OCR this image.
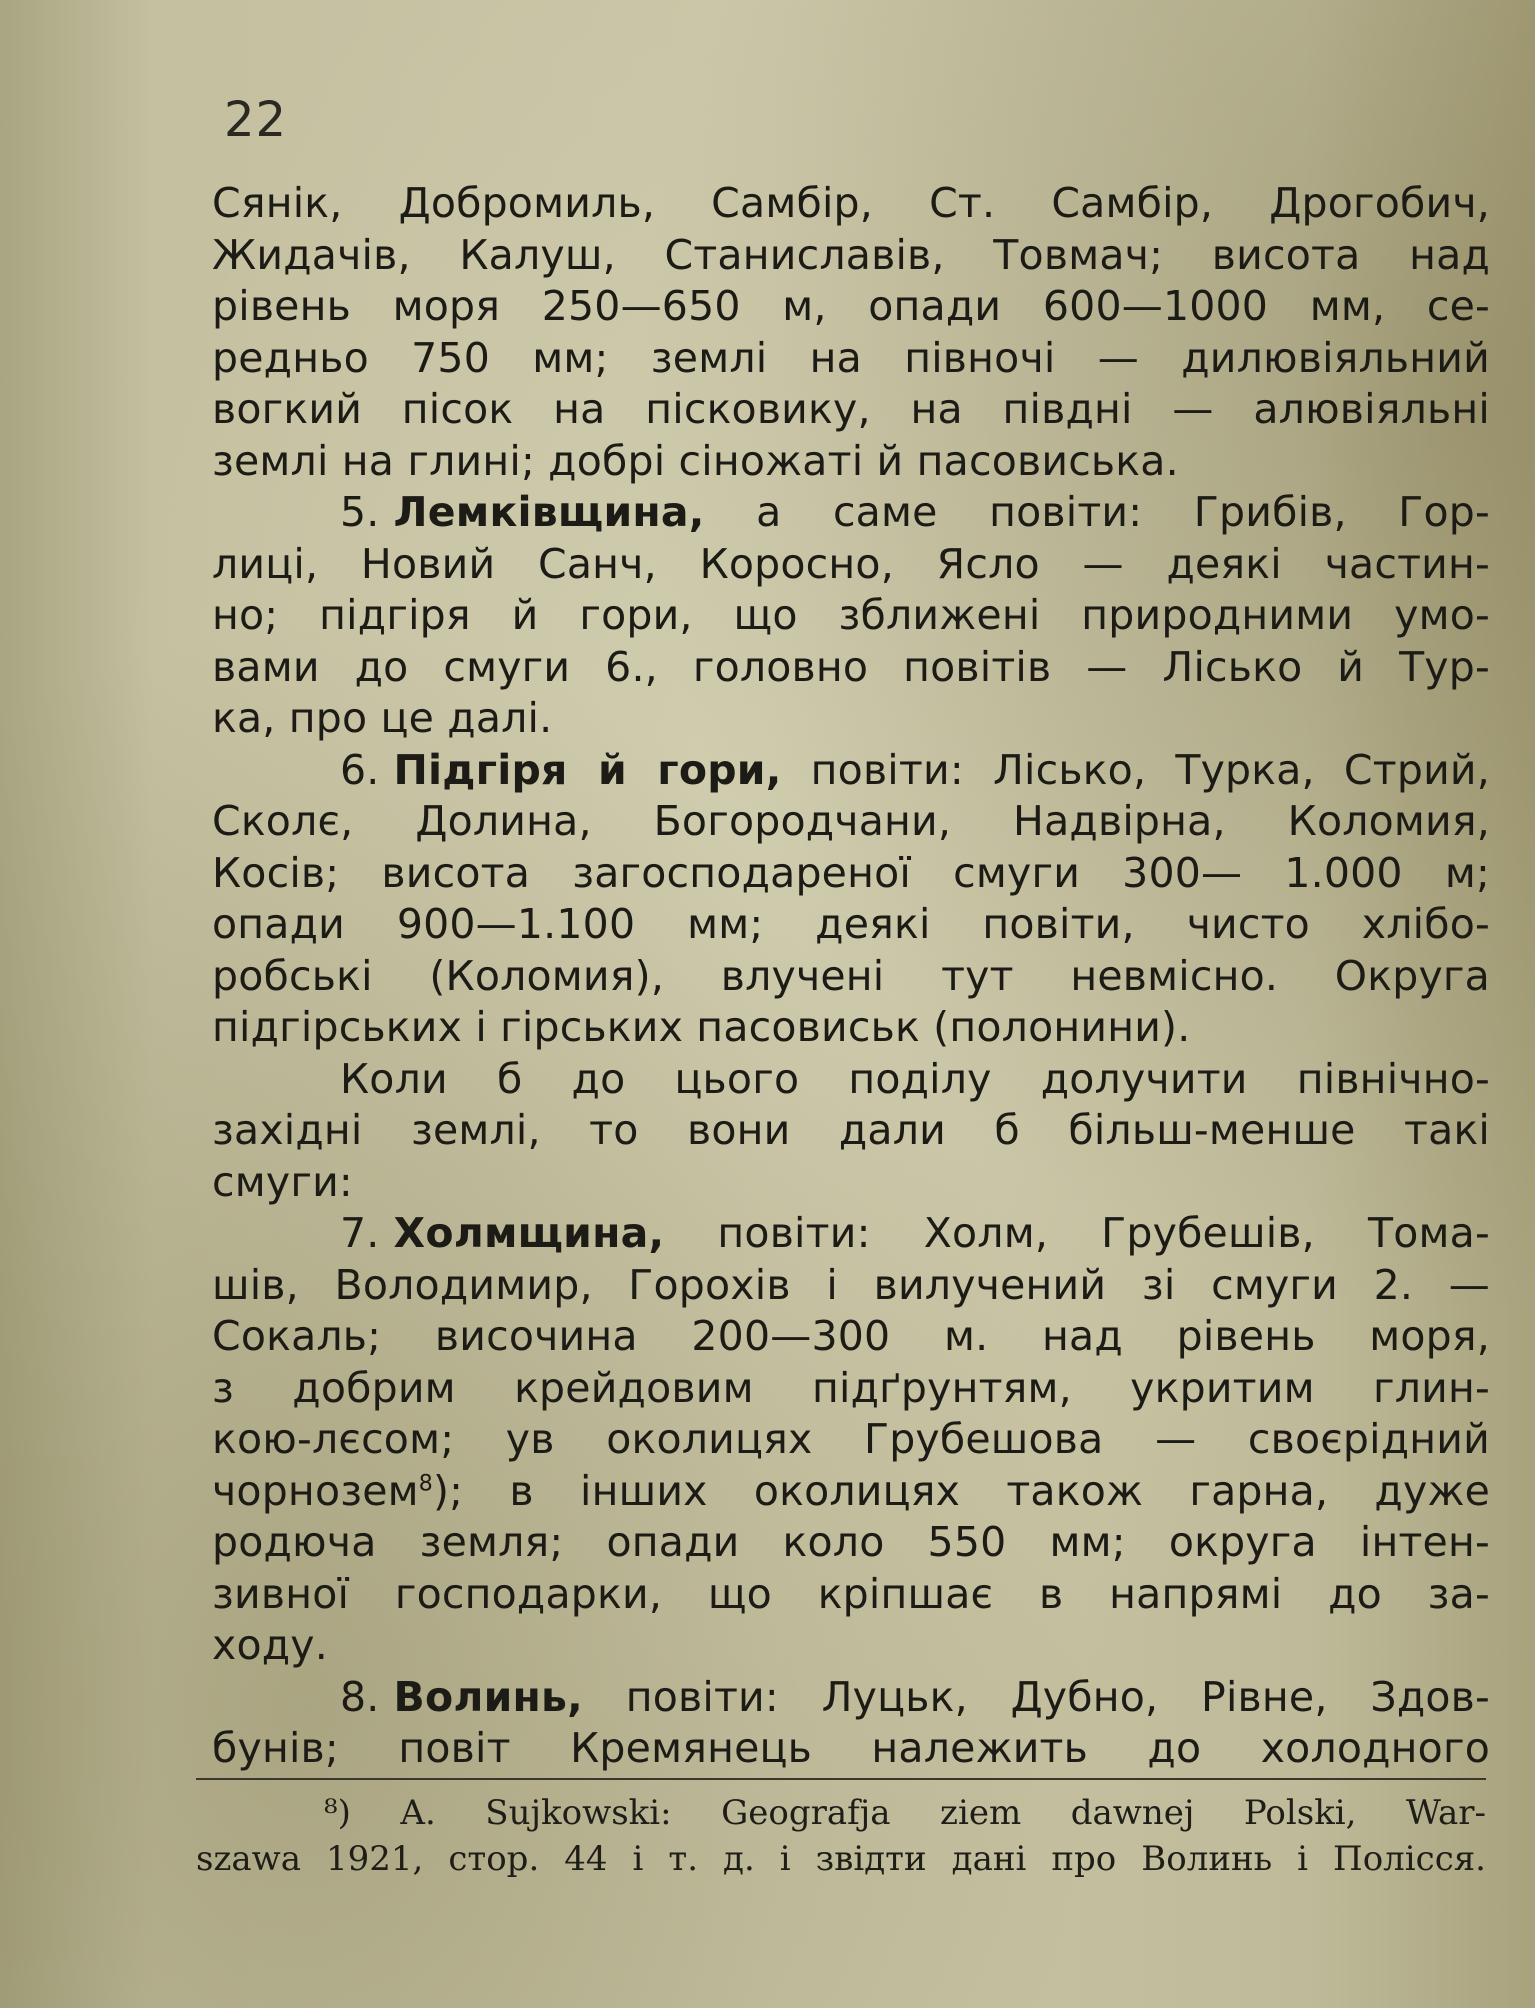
22
Сянік, Добромиль, Самбір, Ст. Самбір, Дрогобич,
Жидачів, Калуш, Станиславів, Товмач; висота над
рівень моря 250—650 м, опади 600—1000 мм, се-
редньо 750 мм; землі на півночі — дилювіяльний
вогкий пісок на пісковику, на півдні — алювіяльні
землі на глині; добрі сіножаті й пасовиська.
5. Лемківщина, а саме повіти: Грибів, Гор-
лиці, Новий Санч, Коросно, Ясло — деякі частин-
но; підгіря й гори, що зближені природними умо-
вами до смуги 6., головно повітів — Лісько й Тур-
ка, про це далі.
6. Підгіря й гори, повіти: Лісько, Турка, Стрий,
Сколє, Долина, Богородчани, Надвірна, Коломия,
Косів; висота загосподареної смуги 300— 1.000 м;
опади 900—1.100 мм; деякі повіти, чисто хлібо-
робські (Коломия), влучені тут невмісно. Округа
підгірських і гірських пасовиськ (полонини).
Коли б до цього поділу долучити північно-
західні землі, то вони дали б більш-менше такі
смуги:
7. Холмщина, повіти: Холм, Грубешів, Тома-
шів, Володимир, Горохів і вилучений зі смуги 2. —
Сокаль; височина 200—300 м. над рівень моря,
з добрим крейдовим підґрунтям, укритим глин-
кою-лєсом; ув околицях Грубешова — своєрідний
чорнозем$^8$); в інших околицях також гарна, дуже
родюча земля; опади коло 550 мм; округа інтен-
зивної господарки, що кріпшає в напрямі до за-
ходу.
8. Волинь, повіти: Луцьк, Дубно, Рівне, Здов-
бунів; повіт Кремянець належить до холодного
⁸) A. Sujkowski: Geografja ziem dawnej Polski, War-
szawa 1921, стор. 44 і т. д. і звідти дані про Волинь і Полісся.
